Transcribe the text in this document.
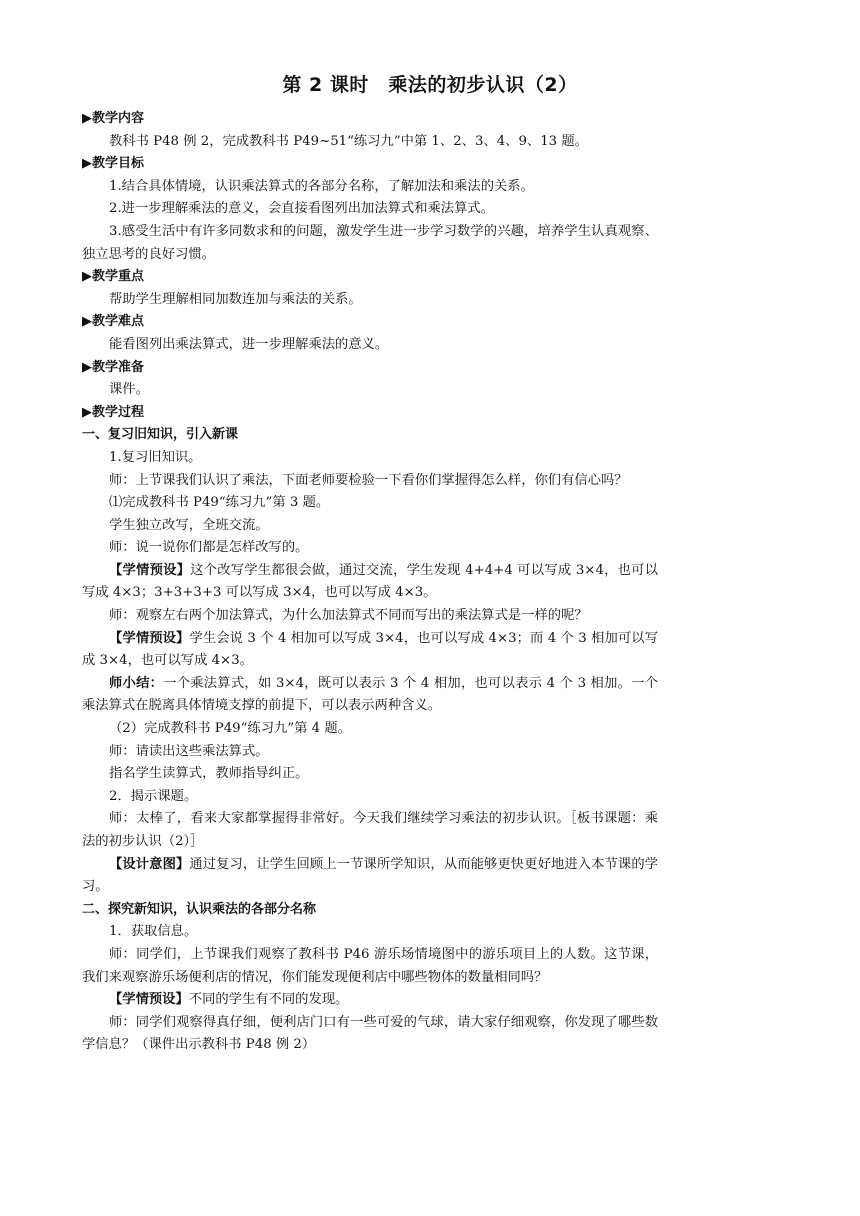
第 2 课时　乘法的初步认识（2）

▶教学内容

教科书 P48 例 2，完成教科书 P49~51“练习九”中第 1、2、3、4、9、13 题。

▶教学目标

1.结合具体情境，认识乘法算式的各部分名称，了解加法和乘法的关系。

2.进一步理解乘法的意义，会直接看图列出加法算式和乘法算式。

3.感受生活中有许多同数求和的问题，激发学生进一步学习数学的兴趣，培养学生认真观察、独立思考的良好习惯。

▶教学重点

帮助学生理解相同加数连加与乘法的关系。

▶教学难点

能看图列出乘法算式，进一步理解乘法的意义。

▶教学准备

课件。

▶教学过程

一、复习旧知识，引入新课

1.复习旧知识。

师：上节课我们认识了乘法，下面老师要检验一下看你们掌握得怎么样，你们有信心吗？

⑴完成教科书 P49“练习九”第 3 题。

学生独立改写，全班交流。

师：说一说你们都是怎样改写的。

【学情预设】这个改写学生都很会做，通过交流，学生发现 4+4+4 可以写成 3×4，也可以写成 4×3；3+3+3+3 可以写成 3×4，也可以写成 4×3。

师：观察左右两个加法算式，为什么加法算式不同而写出的乘法算式是一样的呢？

【学情预设】学生会说 3 个 4 相加可以写成 3×4，也可以写成 4×3；而 4 个 3 相加可以写成 3×4，也可以写成 4×3。

师小结：一个乘法算式，如 3×4，既可以表示 3 个 4 相加，也可以表示 4 个 3 相加。一个乘法算式在脱离具体情境支撑的前提下，可以表示两种含义。

（2）完成教科书 P49“练习九”第 4 题。

师：请读出这些乘法算式。

指名学生读算式，教师指导纠正。

2．揭示课题。

师：太棒了，看来大家都掌握得非常好。今天我们继续学习乘法的初步认识。［板书课题：乘法的初步认识（2）］

【设计意图】通过复习，让学生回顾上一节课所学知识，从而能够更快更好地进入本节课的学习。

二、探究新知识，认识乘法的各部分名称

1．获取信息。

师：同学们，上节课我们观察了教科书 P46 游乐场情境图中的游乐项目上的人数。这节课，我们来观察游乐场便利店的情况，你们能发现便利店中哪些物体的数量相同吗？

【学情预设】不同的学生有不同的发现。

师：同学们观察得真仔细，便利店门口有一些可爱的气球，请大家仔细观察，你发现了哪些数学信息？（课件出示教科书 P48 例 2）
